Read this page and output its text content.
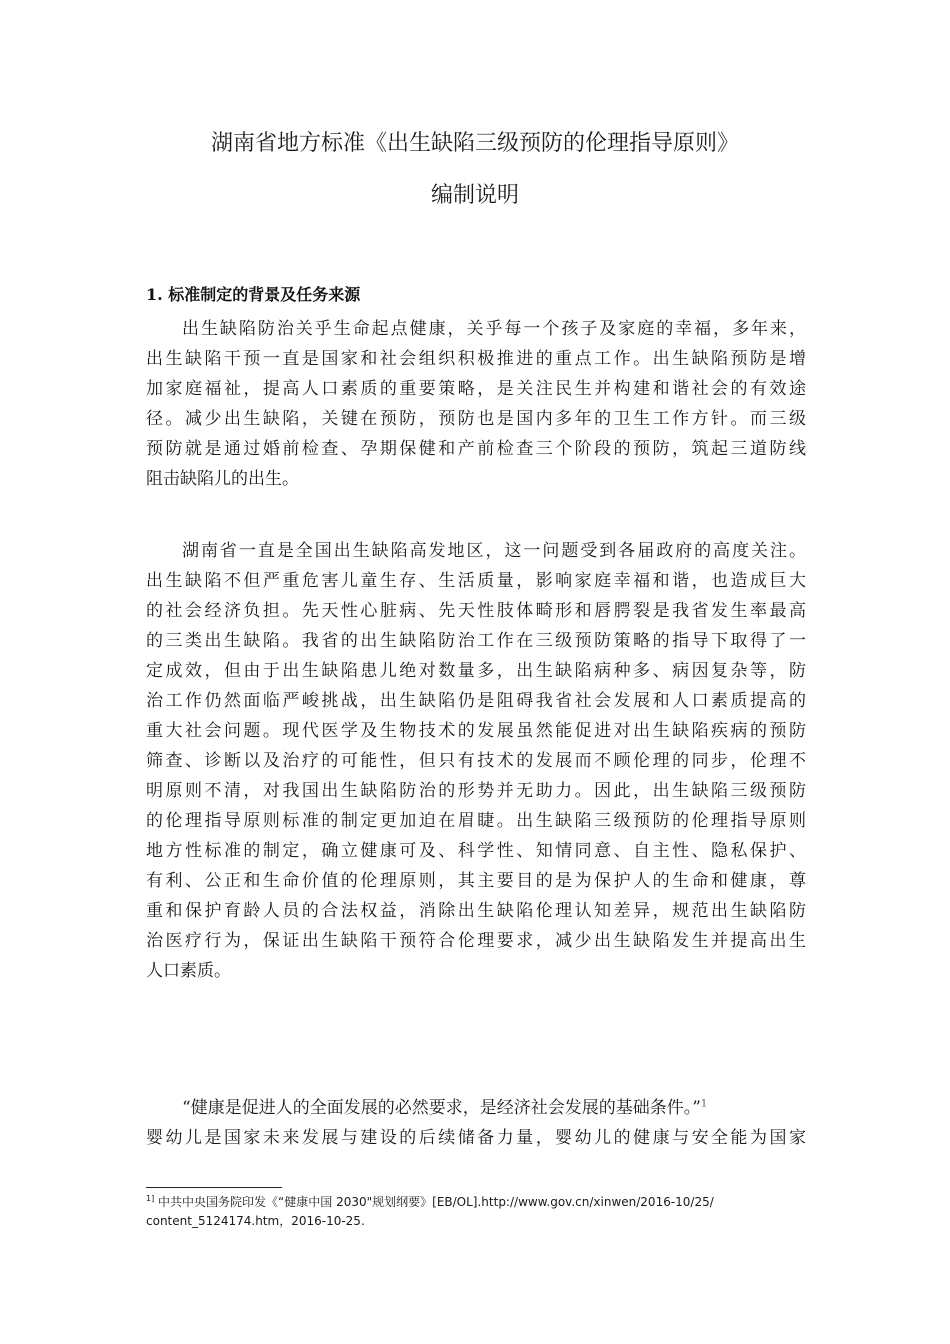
湖南省地方标准《出生缺陷三级预防的伦理指导原则》
编制说明
1. 标准制定的背景及任务来源
出生缺陷防治关乎生命起点健康，关乎每一个孩子及家庭的幸福，多年来，
出生缺陷干预一直是国家和社会组织积极推进的重点工作。出生缺陷预防是增
加家庭福祉，提高人口素质的重要策略，是关注民生并构建和谐社会的有效途
径。减少出生缺陷，关键在预防，预防也是国内多年的卫生工作方针。而三级
预防就是通过婚前检查、孕期保健和产前检查三个阶段的预防，筑起三道防线
阻击缺陷儿的出生。
湖南省一直是全国出生缺陷高发地区，这一问题受到各届政府的高度关注。
出生缺陷不但严重危害儿童生存、生活质量，影响家庭幸福和谐，也造成巨大
的社会经济负担。先天性心脏病、先天性肢体畸形和唇腭裂是我省发生率最高
的三类出生缺陷。我省的出生缺陷防治工作在三级预防策略的指导下取得了一
定成效，但由于出生缺陷患儿绝对数量多，出生缺陷病种多、病因复杂等，防
治工作仍然面临严峻挑战，出生缺陷仍是阻碍我省社会发展和人口素质提高的
重大社会问题。现代医学及生物技术的发展虽然能促进对出生缺陷疾病的预防
筛查、诊断以及治疗的可能性，但只有技术的发展而不顾伦理的同步，伦理不
明原则不清，对我国出生缺陷防治的形势并无助力。因此，出生缺陷三级预防
的伦理指导原则标准的制定更加迫在眉睫。出生缺陷三级预防的伦理指导原则
地方性标准的制定，确立健康可及、科学性、知情同意、自主性、隐私保护、
有利、公正和生命价值的伦理原则，其主要目的是为保护人的生命和健康，尊
重和保护育龄人员的合法权益，消除出生缺陷伦理认知差异，规范出生缺陷防
治医疗行为，保证出生缺陷干预符合伦理要求，减少出生缺陷发生并提高出生
人口素质。
“健康是促进人的全面发展的必然要求，是经济社会发展的基础条件。”$^1$
婴幼儿是国家未来发展与建设的后续储备力量，婴幼儿的健康与安全能为国家
$^{1]}$ 中共中央国务院印发《“健康中国 2030"规划纲要》[EB/OL].http://www.gov.cn/xinwen/2016-10/25/
content_5124174.htm，2016-10-25.
